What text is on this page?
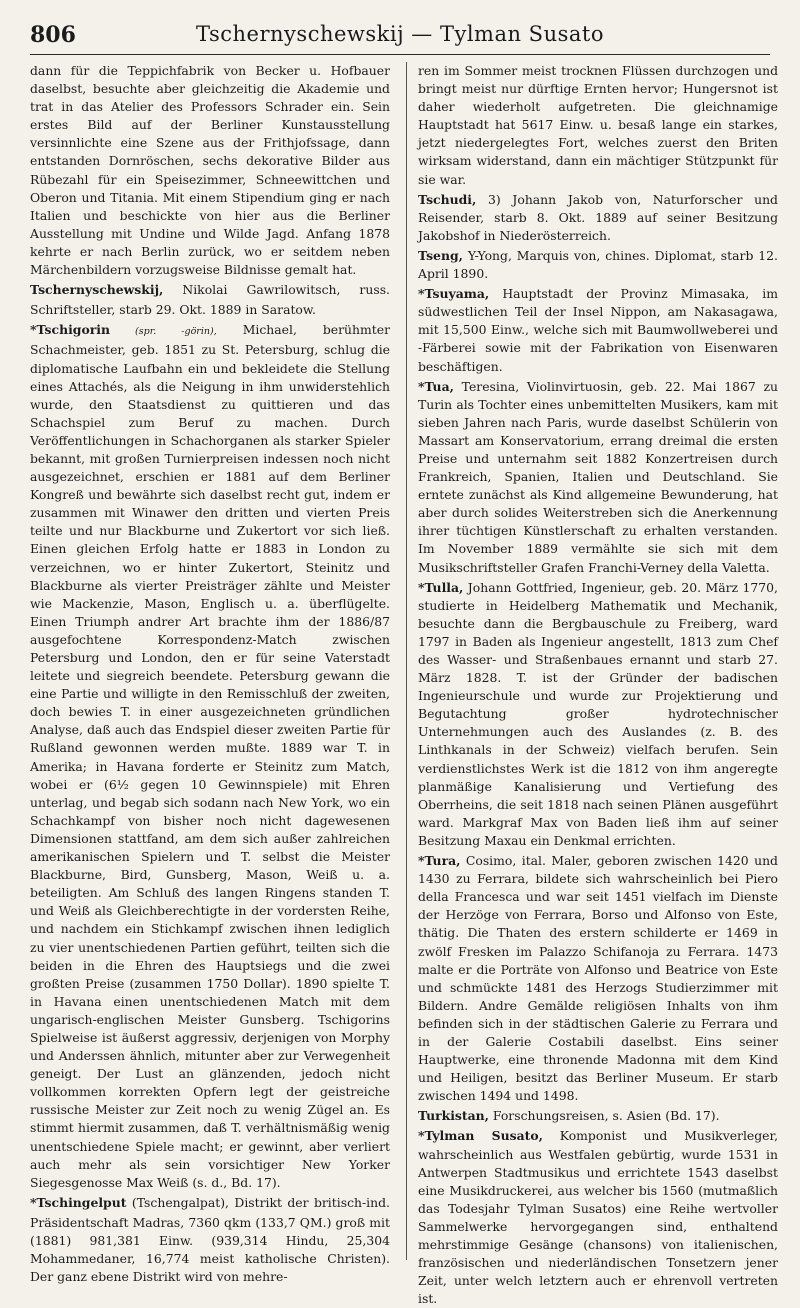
806	Tschernyschewskij — Tylman Susato

dann für die Teppichfabrik von Becker u. Hofbauer daselbst, besuchte aber gleichzeitig die Akademie und trat in das Atelier des Professors Schrader ein. Sein erstes Bild auf der Berliner Kunstausstellung versinnlichte eine Szene aus der Frithjofssage, dann entstanden Dornröschen, sechs dekorative Bilder aus Rübezahl für ein Speisezimmer, Schneewittchen und Oberon und Titania. Mit einem Stipendium ging er nach Italien und beschickte von hier aus die Berliner Ausstellung mit Undine und Wilde Jagd. Anfang 1878 kehrte er nach Berlin zurück, wo er seitdem neben Märchenbildern vorzugsweise Bildnisse gemalt hat.

Tschernyschewskij, Nikolai Gawrilowitsch, russ. Schriftsteller, starb 29. Okt. 1889 in Saratow.

*Tschigorin (spr. -görin), Michael, berühmter Schachmeister, geb. 1851 zu St. Petersburg, schlug die diplomatische Laufbahn ein und bekleidete die Stellung eines Attachés, als die Neigung in ihm unwiderstehlich wurde, den Staatsdienst zu quittieren und das Schachspiel zum Beruf zu machen. Durch Veröffentlichungen in Schachorganen als starker Spieler bekannt, mit großen Turnierpreisen indessen noch nicht ausgezeichnet, erschien er 1881 auf dem Berliner Kongreß und bewährte sich daselbst recht gut, indem er zusammen mit Winawer den dritten und vierten Preis teilte und nur Blackburne und Zukertort vor sich ließ. Einen gleichen Erfolg hatte er 1883 in London zu verzeichnen, wo er hinter Zukertort, Steinitz und Blackburne als vierter Preisträger zählte und Meister wie Mackenzie, Mason, Englisch u. a. überflügelte. Einen Triumph andrer Art brachte ihm der 1886/87 ausgefochtene Korrespondenz-Match zwischen Petersburg und London, den er für seine Vaterstadt leitete und siegreich beendete. Petersburg gewann die eine Partie und willigte in den Remisschluß der zweiten, doch bewies T. in einer ausgezeichneten gründlichen Analyse, daß auch das Endspiel dieser zweiten Partie für Rußland gewonnen werden mußte. 1889 war T. in Amerika; in Havana forderte er Steinitz zum Match, wobei er (6½ gegen 10 Gewinnspiele) mit Ehren unterlag, und begab sich sodann nach New York, wo ein Schachkampf von bisher noch nicht dagewesenen Dimensionen stattfand, am dem sich außer zahlreichen amerikanischen Spielern und T. selbst die Meister Blackburne, Bird, Gunsberg, Mason, Weiß u. a. beteiligten. Am Schluß des langen Ringens standen T. und Weiß als Gleichberechtigte in der vordersten Reihe, und nachdem ein Stichkampf zwischen ihnen lediglich zu vier unentschiedenen Partien geführt, teilten sich die beiden in die Ehren des Hauptsiegs und die zwei großten Preise (zusammen 1750 Dollar). 1890 spielte T. in Havana einen unentschiedenen Match mit dem ungarisch-englischen Meister Gunsberg. Tschigorins Spielweise ist äußerst aggressiv, derjenigen von Morphy und Anderssen ähnlich, mitunter aber zur Verwegenheit geneigt. Der Lust an glänzenden, jedoch nicht vollkommen korrekten Opfern legt der geistreiche russische Meister zur Zeit noch zu wenig Zügel an. Es stimmt hiermit zusammen, daß T. verhältnismäßig wenig unentschiedene Spiele macht; er gewinnt, aber verliert auch mehr als sein vorsichtiger New Yorker Siegesgenosse Max Weiß (s. d., Bd. 17).

*Tschingelput (Tschengalpat), Distrikt der britisch-ind. Präsidentschaft Madras, 7360 qkm (133,7 QM.) groß mit (1881) 981,381 Einw. (939,314 Hindu, 25,304 Mohammedaner, 16,774 meist katholische Christen). Der ganz ebene Distrikt wird von mehre-

ren im Sommer meist trocknen Flüssen durchzogen und bringt meist nur dürftige Ernten hervor; Hungersnot ist daher wiederholt aufgetreten. Die gleichnamige Hauptstadt hat 5617 Einw. u. besaß lange ein starkes, jetzt niedergelegtes Fort, welches zuerst den Briten wirksam widerstand, dann ein mächtiger Stützpunkt für sie war.

Tschudi, 3) Johann Jakob von, Naturforscher und Reisender, starb 8. Okt. 1889 auf seiner Besitzung Jakobshof in Niederösterreich.

Tseng, Y-Yong, Marquis von, chines. Diplomat, starb 12. April 1890.

*Tsuyama, Hauptstadt der Provinz Mimasaka, im südwestlichen Teil der Insel Nippon, am Nakasagawa, mit 15,500 Einw., welche sich mit Baumwollweberei und -Färberei sowie mit der Fabrikation von Eisenwaren beschäftigen.

*Tua, Teresina, Violinvirtuosin, geb. 22. Mai 1867 zu Turin als Tochter eines unbemittelten Musikers, kam mit sieben Jahren nach Paris, wurde daselbst Schülerin von Massart am Konservatorium, errang dreimal die ersten Preise und unternahm seit 1882 Konzertreisen durch Frankreich, Spanien, Italien und Deutschland. Sie erntete zunächst als Kind allgemeine Bewunderung, hat aber durch solides Weiterstreben sich die Anerkennung ihrer tüchtigen Künstlerschaft zu erhalten verstanden. Im November 1889 vermählte sie sich mit dem Musikschriftsteller Grafen Franchi-Verney della Valetta.

*Tulla, Johann Gottfried, Ingenieur, geb. 20. März 1770, studierte in Heidelberg Mathematik und Mechanik, besuchte dann die Bergbauschule zu Freiberg, ward 1797 in Baden als Ingenieur angestellt, 1813 zum Chef des Wasser- und Straßenbaues ernannt und starb 27. März 1828. T. ist der Gründer der badischen Ingenieurschule und wurde zur Projektierung und Begutachtung großer hydrotechnischer Unternehmungen auch des Auslandes (z. B. des Linthkanals in der Schweiz) vielfach berufen. Sein verdienstlichstes Werk ist die 1812 von ihm angeregte planmäßige Kanalisierung und Vertiefung des Oberrheins, die seit 1818 nach seinen Plänen ausgeführt ward. Markgraf Max von Baden ließ ihm auf seiner Besitzung Maxau ein Denkmal errichten.

*Tura, Cosimo, ital. Maler, geboren zwischen 1420 und 1430 zu Ferrara, bildete sich wahrscheinlich bei Piero della Francesca und war seit 1451 vielfach im Dienste der Herzöge von Ferrara, Borso und Alfonso von Este, thätig. Die Thaten des erstern schilderte er 1469 in zwölf Fresken im Palazzo Schifanoja zu Ferrara. 1473 malte er die Porträte von Alfonso und Beatrice von Este und schmückte 1481 des Herzogs Studierzimmer mit Bildern. Andre Gemälde religiösen Inhalts von ihm befinden sich in der städtischen Galerie zu Ferrara und in der Galerie Costabili daselbst. Eins seiner Hauptwerke, eine thronende Madonna mit dem Kind und Heiligen, besitzt das Berliner Museum. Er starb zwischen 1494 und 1498.

Turkistan, Forschungsreisen, s. Asien (Bd. 17).

*Tylman Susato, Komponist und Musikverleger, wahrscheinlich aus Westfalen gebürtig, wurde 1531 in Antwerpen Stadtmusikus und errichtete 1543 daselbst eine Musikdruckerei, aus welcher bis 1560 (mutmaßlich das Todesjahr Tylman Susatos) eine Reihe wertvoller Sammelwerke hervorgegangen sind, enthaltend mehrstimmige Gesänge (chansons) von italienischen, französischen und niederländischen Tonsetzern jener Zeit, unter welch letztern auch er ehrenvoll vertreten ist.
